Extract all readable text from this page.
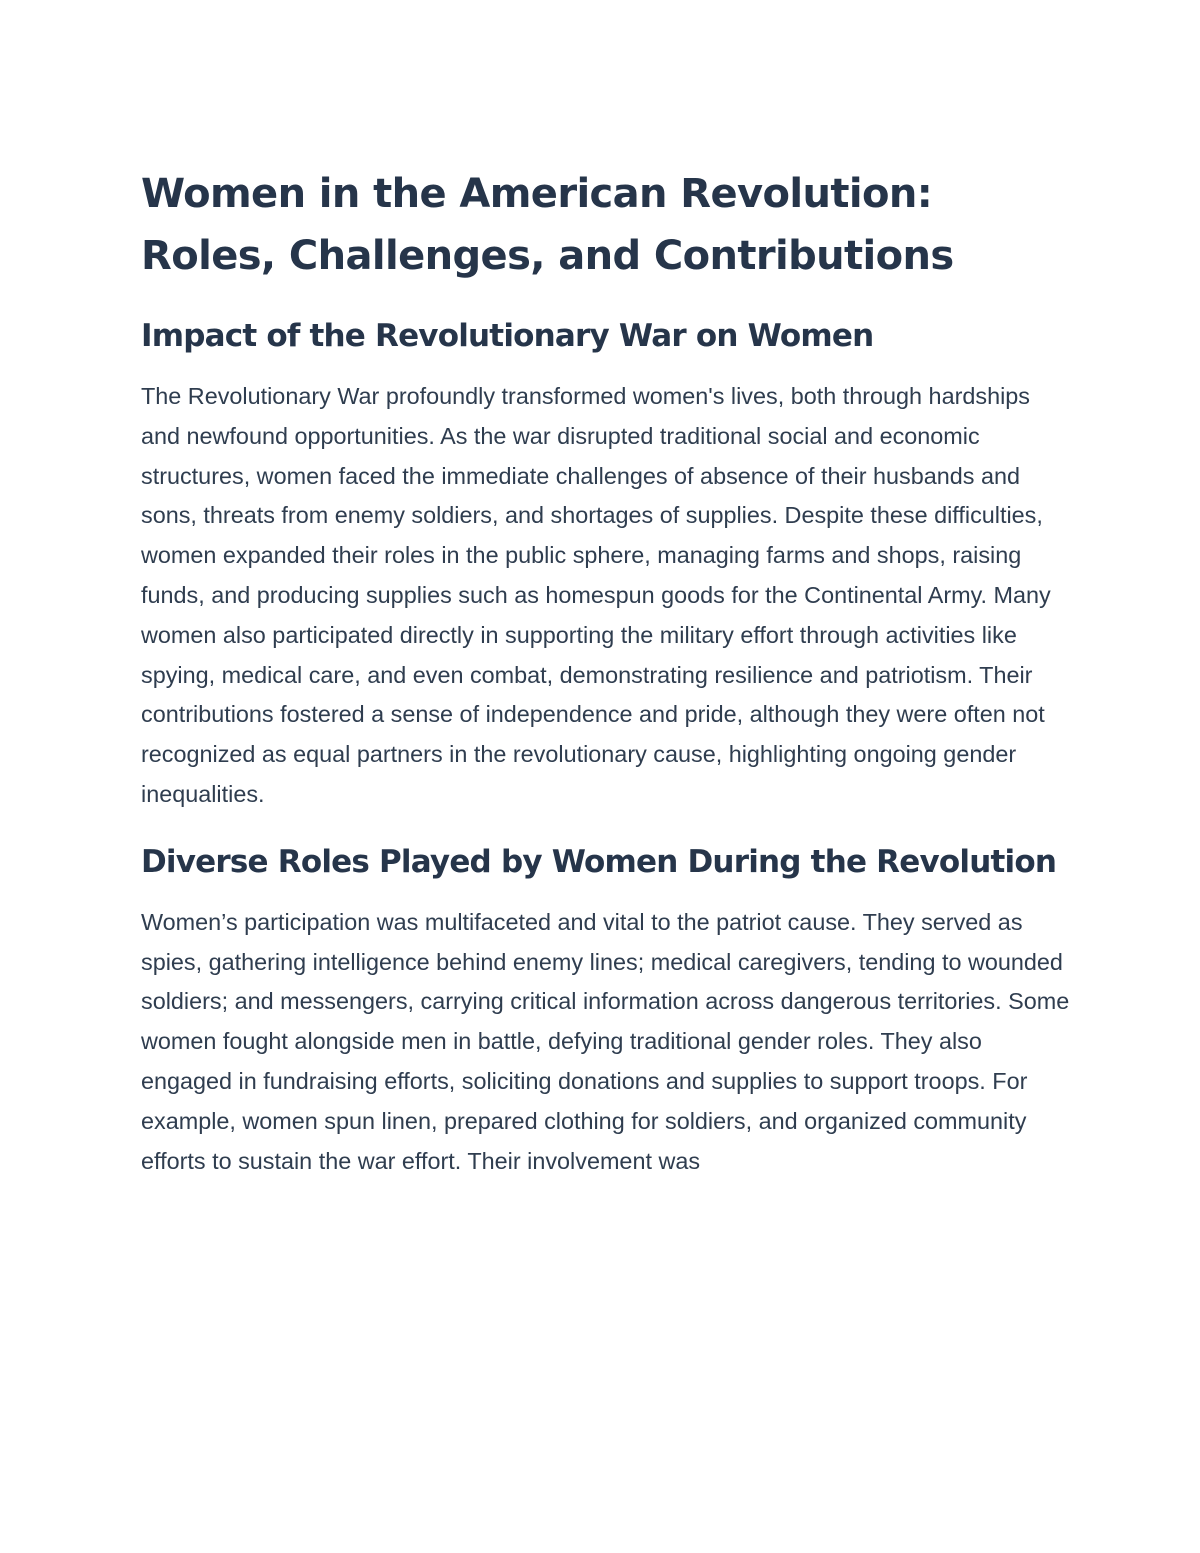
Women in the American Revolution: Roles, Challenges, and Contributions
Impact of the Revolutionary War on Women

The Revolutionary War profoundly transformed women's lives, both through hardships and newfound opportunities. As the war disrupted traditional social and economic structures, women faced the immediate challenges of absence of their husbands and sons, threats from enemy soldiers, and shortages of supplies. Despite these difficulties, women expanded their roles in the public sphere, managing farms and shops, raising funds, and producing supplies such as homespun goods for the Continental Army. Many women also participated directly in supporting the military effort through activities like spying, medical care, and even combat, demonstrating resilience and patriotism. Their contributions fostered a sense of independence and pride, although they were often not recognized as equal partners in the revolutionary cause, highlighting ongoing gender inequalities.

Diverse Roles Played by Women During the Revolution

Women’s participation was multifaceted and vital to the patriot cause. They served as spies, gathering intelligence behind enemy lines; medical caregivers, tending to wounded soldiers; and messengers, carrying critical information across dangerous territories. Some women fought alongside men in battle, defying traditional gender roles. They also engaged in fundraising efforts, soliciting donations and supplies to support troops. For example, women spun linen, prepared clothing for soldiers, and organized community efforts to sustain the war effort. Their involvement was
